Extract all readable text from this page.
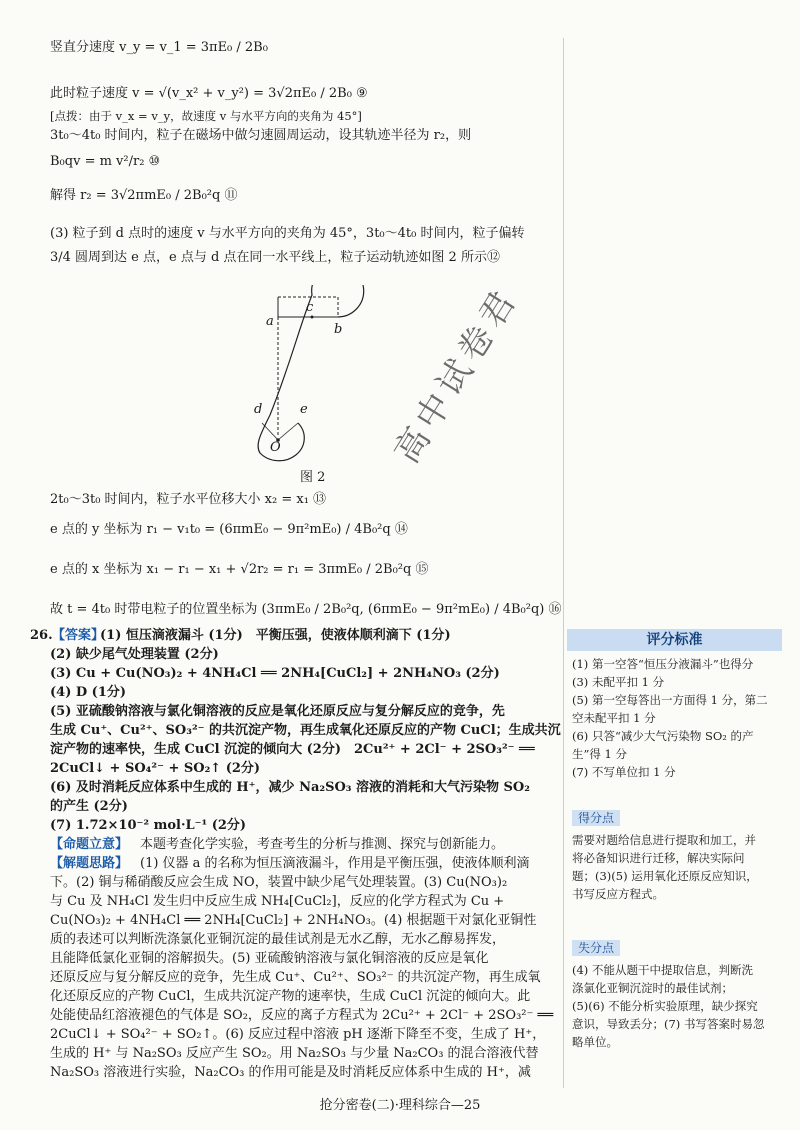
竖直分速度 v_y = v_1 = 3πE₀ / 2B₀
此时粒子速度 v = √(v_x² + v_y²) = 3√2πE₀ / 2B₀ ⑨
[点拨：由于 v_x = v_y，故速度 v 与水平方向的夹角为 45°]
3t₀～4t₀ 时间内，粒子在磁场中做匀速圆周运动，设其轨迹半径为 r₂，则
B₀qv = m v²/r₂ ⑩
解得 r₂ = 3√2πmE₀ / 2B₀²q ⑪
(3) 粒子到 d 点时的速度 v 与水平方向的夹角为 45°，3t₀～4t₀ 时间内，粒子偏转
3/4 圆周到达 e 点，e 点与 d 点在同一水平线上，粒子运动轨迹如图 2 所示⑫
a
b
c
d	e
O
图 2
2t₀～3t₀ 时间内，粒子水平位移大小 x₂ = x₁ ⑬
e 点的 y 坐标为 r₁ − v₁t₀ = (6πmE₀ − 9π²mE₀) / 4B₀²q ⑭
e 点的 x 坐标为 x₁ − r₁ − x₁ + √2r₂ = r₁ = 3πmE₀ / 2B₀²q ⑮
故 t = 4t₀ 时带电粒子的位置坐标为 (3πmE₀ / 2B₀²q, (6πmE₀ − 9π²mE₀) / 4B₀²q) ⑯
26. 【答案】
(1) 恒压滴液漏斗 (1分)　平衡压强，使液体顺利滴下 (1分)
(2) 缺少尾气处理装置 (2分)
(3) Cu + Cu(NO₃)₂ + 4NH₄Cl ══ 2NH₄[CuCl₂] + 2NH₄NO₃ (2分)
(4) D (1分)
(5) 亚硫酸钠溶液与氯化铜溶液的反应是氧化还原反应与复分解反应的竞争，先
生成 Cu⁺、Cu²⁺、SO₃²⁻ 的共沉淀产物，再生成氧化还原反应的产物 CuCl；生成共沉
淀产物的速率快，生成 CuCl 沉淀的倾向大 (2分)　2Cu²⁺ + 2Cl⁻ + 2SO₃²⁻ ══
2CuCl↓ + SO₄²⁻ + SO₂↑ (2分)
(6) 及时消耗反应体系中生成的 H⁺，减少 Na₂SO₃ 溶液的消耗和大气污染物 SO₂
的产生 (2分)
(7) 1.72×10⁻² mol·L⁻¹ (2分)
【命题立意】 本题考查化学实验，考查考生的分析与推测、探究与创新能力。
【解题思路】 (1) 仪器 a 的名称为恒压滴液漏斗，作用是平衡压强，使液体顺利滴
下。(2) 铜与稀硝酸反应会生成 NO，装置中缺少尾气处理装置。(3) Cu(NO₃)₂
与 Cu 及 NH₄Cl 发生归中反应生成 NH₄[CuCl₂]，反应的化学方程式为 Cu +
Cu(NO₃)₂ + 4NH₄Cl ══ 2NH₄[CuCl₂] + 2NH₄NO₃。(4) 根据题干对氯化亚铜性
质的表述可以判断洗涤氯化亚铜沉淀的最佳试剂是无水乙醇，无水乙醇易挥发，
且能降低氯化亚铜的溶解损失。(5) 亚硫酸钠溶液与氯化铜溶液的反应是氧化
还原反应与复分解反应的竞争，先生成 Cu⁺、Cu²⁺、SO₃²⁻ 的共沉淀产物，再生成氧
化还原反应的产物 CuCl，生成共沉淀产物的速率快，生成 CuCl 沉淀的倾向大。此
处能使品红溶液褪色的气体是 SO₂，反应的离子方程式为 2Cu²⁺ + 2Cl⁻ + 2SO₃²⁻ ══
2CuCl↓ + SO₄²⁻ + SO₂↑。(6) 反应过程中溶液 pH 逐渐下降至不变，生成了 H⁺，
生成的 H⁺ 与 Na₂SO₃ 反应产生 SO₂。用 Na₂SO₃ 与少量 Na₂CO₃ 的混合溶液代替
Na₂SO₃ 溶液进行实验，Na₂CO₃ 的作用可能是及时消耗反应体系中生成的 H⁺，减
评分标准
(1) 第一空答“恒压分液漏斗”也得分
(3) 未配平扣 1 分
(5) 第一空每答出一方面得 1 分，第二
空未配平扣 1 分
(6) 只答“减少大气污染物 SO₂ 的产
生”得 1 分
(7) 不写单位扣 1 分
得分点
需要对题给信息进行提取和加工，并
将必备知识进行迁移，解决实际问
题；(3)(5) 运用氧化还原反应知识，
书写反应方程式。
失分点
(4) 不能从题干中提取信息，判断洗
涤氯化亚铜沉淀时的最佳试剂；
(5)(6) 不能分析实验原理，缺少探究
意识，导致丢分；(7) 书写答案时易忽
略单位。
高中试卷君
抢分密卷(二)·理科综合—25
